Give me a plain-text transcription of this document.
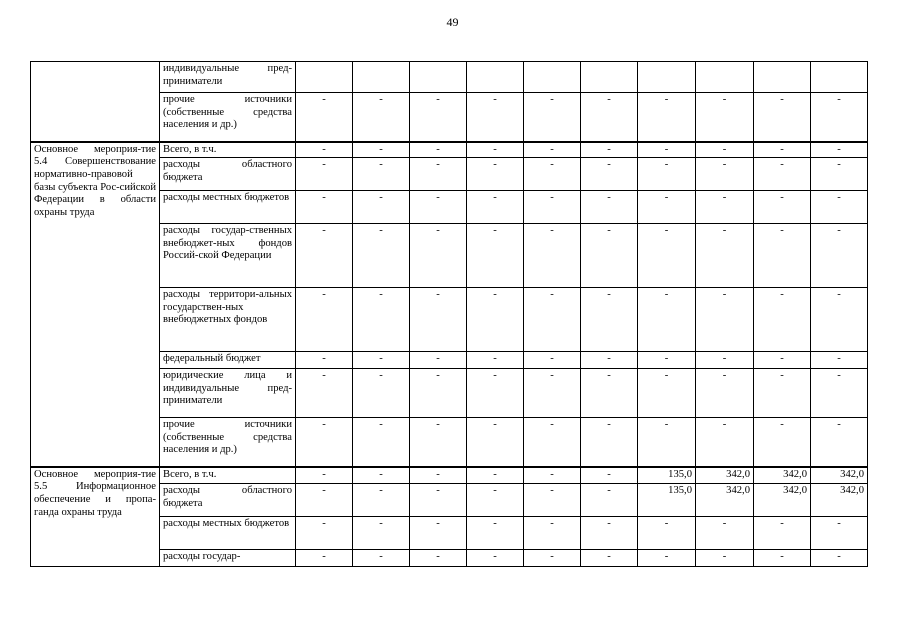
49
	индивидуальные пред-приниматели										
	прочие источники (собственные средства населения и др.)	-	-	-	-	-	-	-	-	-	-
Основное мероприя-тие 5.4 Совершенствование нормативно-правовой базы субъекта Рос-сийской Федерации в области охраны труда	Всего, в т.ч.	-	-	-	-	-	-	-	-	-	-
	расходы областного бюджета	-	-	-	-	-	-	-	-	-	-
	расходы местных бюджетов	-	-	-	-	-	-	-	-	-	-
	расходы государ-ственных внебюджет-ных фондов Россий-ской Федерации	-	-	-	-	-	-	-	-	-	-
	расходы территори-альных государствен-ных внебюджетных фондов	-	-	-	-	-	-	-	-	-	-
	федеральный бюджет	-	-	-	-	-	-	-	-	-	-
	юридические лица и индивидуальные пред-приниматели	-	-	-	-	-	-	-	-	-	-
	прочие источники (собственные средства населения и др.)	-	-	-	-	-	-	-	-	-	-
Основное мероприя-тие 5.5 Информационное обеспечение и пропа-ганда охраны труда	Всего, в т.ч.	-	-	-	-	-	-	135,0	342,0	342,0	342,0
	расходы областного бюджета	-	-	-	-	-	-	135,0	342,0	342,0	342,0
	расходы местных бюджетов	-	-	-	-	-	-	-	-	-	-
	расходы государ-	-	-	-	-	-	-	-	-	-	-
